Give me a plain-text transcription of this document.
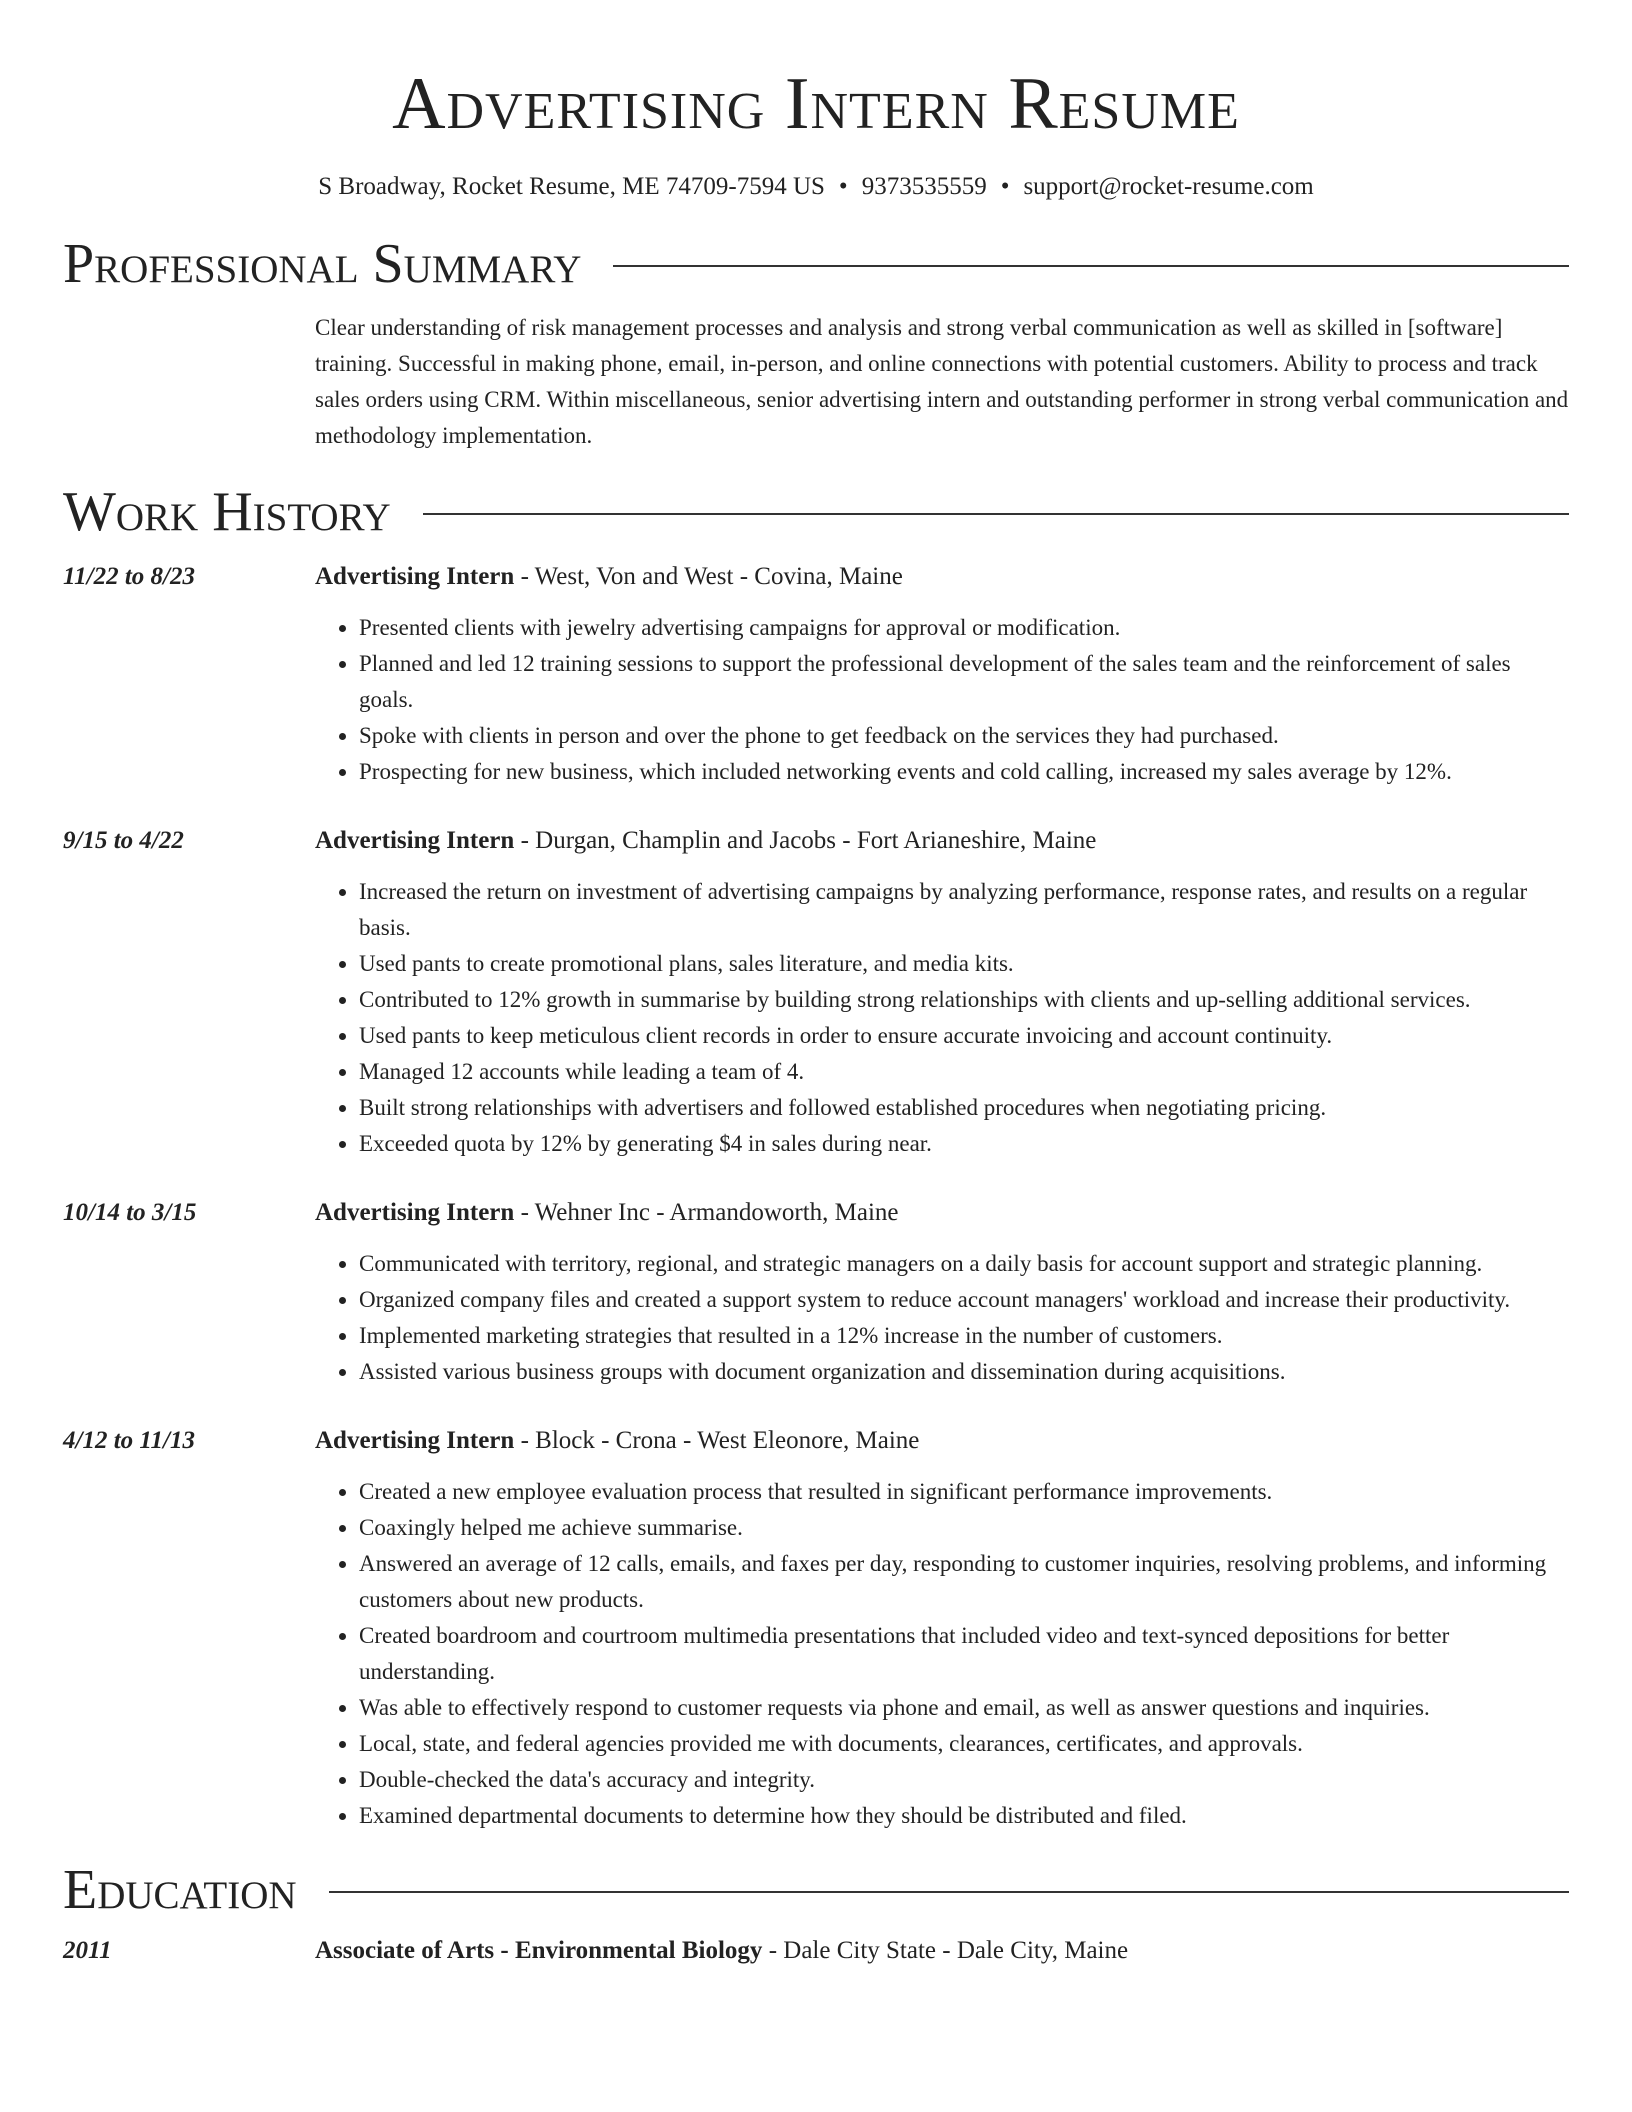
Advertising Intern Resume
S Broadway, Rocket Resume, ME 74709-7594 US • 9373535559 • support@rocket-resume.com
Professional Summary
Clear understanding of risk management processes and analysis and strong verbal communication as well as skilled in [software] training. Successful in making phone, email, in-person, and online connections with potential customers. Ability to process and track sales orders using CRM. Within miscellaneous, senior advertising intern and outstanding performer in strong verbal communication and methodology implementation.
Work History
11/22 to 8/23	Advertising Intern - West, Von and West - Covina, Maine
• Presented clients with jewelry advertising campaigns for approval or modification.
• Planned and led 12 training sessions to support the professional development of the sales team and the reinforcement of sales goals.
• Spoke with clients in person and over the phone to get feedback on the services they had purchased.
• Prospecting for new business, which included networking events and cold calling, increased my sales average by 12%.
9/15 to 4/22	Advertising Intern - Durgan, Champlin and Jacobs - Fort Arianeshire, Maine
• Increased the return on investment of advertising campaigns by analyzing performance, response rates, and results on a regular basis.
• Used pants to create promotional plans, sales literature, and media kits.
• Contributed to 12% growth in summarise by building strong relationships with clients and up-selling additional services.
• Used pants to keep meticulous client records in order to ensure accurate invoicing and account continuity.
• Managed 12 accounts while leading a team of 4.
• Built strong relationships with advertisers and followed established procedures when negotiating pricing.
• Exceeded quota by 12% by generating $4 in sales during near.
10/14 to 3/15	Advertising Intern - Wehner Inc - Armandoworth, Maine
• Communicated with territory, regional, and strategic managers on a daily basis for account support and strategic planning.
• Organized company files and created a support system to reduce account managers' workload and increase their productivity.
• Implemented marketing strategies that resulted in a 12% increase in the number of customers.
• Assisted various business groups with document organization and dissemination during acquisitions.
4/12 to 11/13	Advertising Intern - Block - Crona - West Eleonore, Maine
• Created a new employee evaluation process that resulted in significant performance improvements.
• Coaxingly helped me achieve summarise.
• Answered an average of 12 calls, emails, and faxes per day, responding to customer inquiries, resolving problems, and informing customers about new products.
• Created boardroom and courtroom multimedia presentations that included video and text-synced depositions for better understanding.
• Was able to effectively respond to customer requests via phone and email, as well as answer questions and inquiries.
• Local, state, and federal agencies provided me with documents, clearances, certificates, and approvals.
• Double-checked the data's accuracy and integrity.
• Examined departmental documents to determine how they should be distributed and filed.
Education
2011	Associate of Arts - Environmental Biology - Dale City State - Dale City, Maine
